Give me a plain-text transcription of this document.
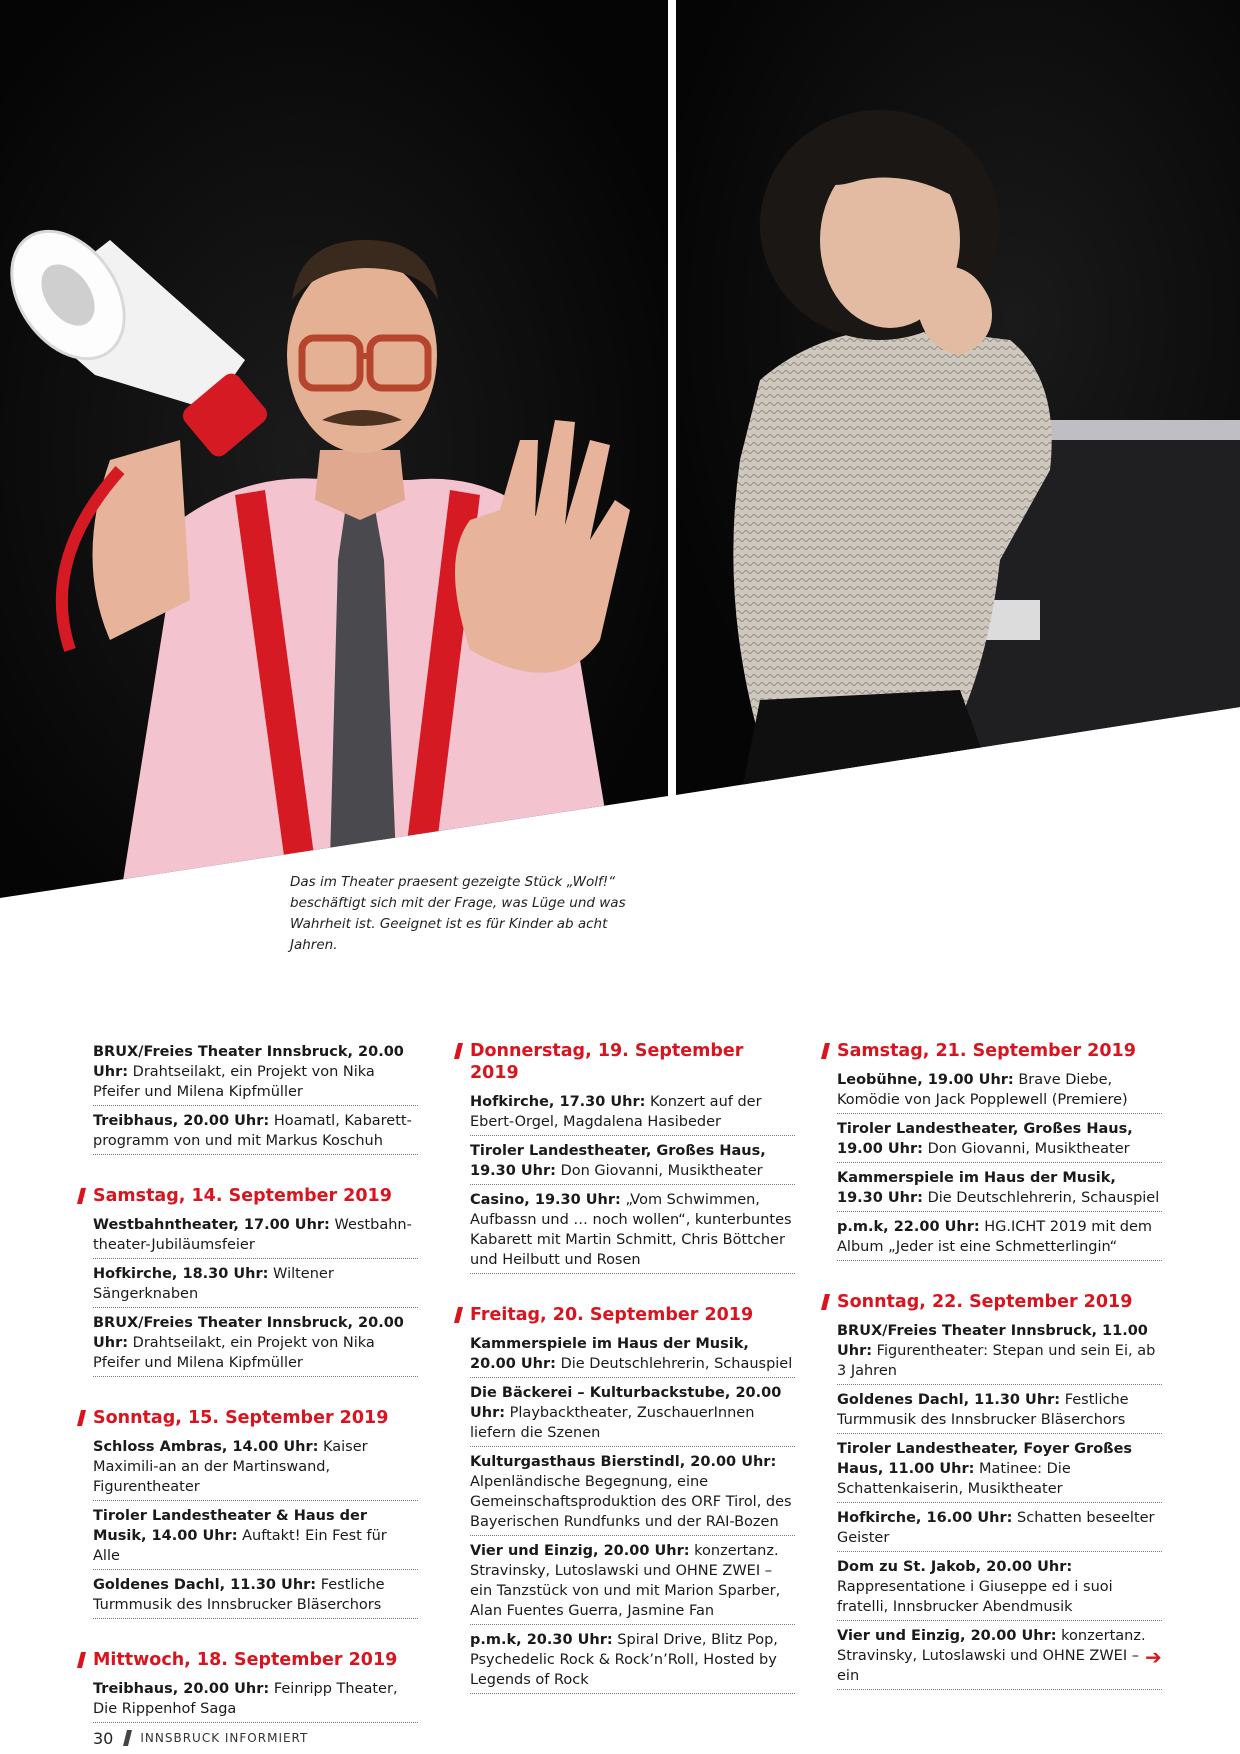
Das im Theater praesent gezeigte Stück „Wolf!“
beschäftigt sich mit der Frage, was Lüge und was
Wahrheit ist. Geeignet ist es für Kinder ab acht Jahren.
BRUX/Freies Theater Innsbruck, 20.00 Uhr: Drahtseilakt, ein Projekt von Nika Pfeifer und Milena Kipfmüller
Treibhaus, 20.00 Uhr: Hoamatl, Kabarett-programm von und mit Markus Koschuh
Samstag, 14. September 2019
Westbahntheater, 17.00 Uhr: Westbahn-theater-Jubiläumsfeier
Hofkirche, 18.30 Uhr: Wiltener Sängerknaben
BRUX/Freies Theater Innsbruck, 20.00 Uhr: Drahtseilakt, ein Projekt von Nika Pfeifer und Milena Kipfmüller
Sonntag, 15. September 2019
Schloss Ambras, 14.00 Uhr: Kaiser Maximili-an an der Martinswand, Figurentheater
Tiroler Landestheater & Haus der Musik, 14.00 Uhr: Auftakt! Ein Fest für Alle
Goldenes Dachl, 11.30 Uhr: Festliche Turmmusik des Innsbrucker Bläserchors
Mittwoch, 18. September 2019
Treibhaus, 20.00 Uhr: Feinripp Theater, Die Rippenhof Saga
Donnerstag, 19. September 2019
Hofkirche, 17.30 Uhr: Konzert auf der Ebert-Orgel, Magdalena Hasibeder
Tiroler Landestheater, Großes Haus, 19.30 Uhr: Don Giovanni, Musiktheater
Casino, 19.30 Uhr: „Vom Schwimmen, Aufbassn und … noch wollen“, kunterbuntes Kabarett mit Martin Schmitt, Chris Böttcher und Heilbutt und Rosen
Freitag, 20. September 2019
Kammerspiele im Haus der Musik, 20.00 Uhr: Die Deutschlehrerin, Schauspiel
Die Bäckerei – Kulturbackstube, 20.00 Uhr: Playbacktheater, ZuschauerInnen liefern die Szenen
Kulturgasthaus Bierstindl, 20.00 Uhr: Alpenländische Begegnung, eine Gemeinschaftsproduktion des ORF Tirol, des Bayerischen Rundfunks und der RAI-Bozen
Vier und Einzig, 20.00 Uhr: konzertanz. Stravinsky, Lutoslawski und OHNE ZWEI – ein Tanzstück von und mit Marion Sparber, Alan Fuentes Guerra, Jasmine Fan
p.m.k, 20.30 Uhr: Spiral Drive, Blitz Pop, Psychedelic Rock & Rock’n’Roll, Hosted by Legends of Rock
Samstag, 21. September 2019
Leobühne, 19.00 Uhr: Brave Diebe, Komödie von Jack Popplewell (Premiere)
Tiroler Landestheater, Großes Haus, 19.00 Uhr: Don Giovanni, Musiktheater
Kammerspiele im Haus der Musik, 19.30 Uhr: Die Deutschlehrerin, Schauspiel
p.m.k, 22.00 Uhr: HG.ICHT 2019 mit dem Album „Jeder ist eine Schmetterlingin“
Sonntag, 22. September 2019
BRUX/Freies Theater Innsbruck, 11.00 Uhr: Figurentheater: Stepan und sein Ei, ab 3 Jahren
Goldenes Dachl, 11.30 Uhr: Festliche Turmmusik des Innsbrucker Bläserchors
Tiroler Landestheater, Foyer Großes Haus, 11.00 Uhr: Matinee: Die Schattenkaiserin, Musiktheater
Hofkirche, 16.00 Uhr: Schatten beseelter Geister
Dom zu St. Jakob, 20.00 Uhr: Rappresentatione i Giuseppe ed i suoi fratelli, Innsbrucker Abendmusik
Vier und Einzig, 20.00 Uhr: konzertanz. Stravinsky, Lutoslawski und OHNE ZWEI – ein
➔
30 INNSBRUCK INFORMIERT
